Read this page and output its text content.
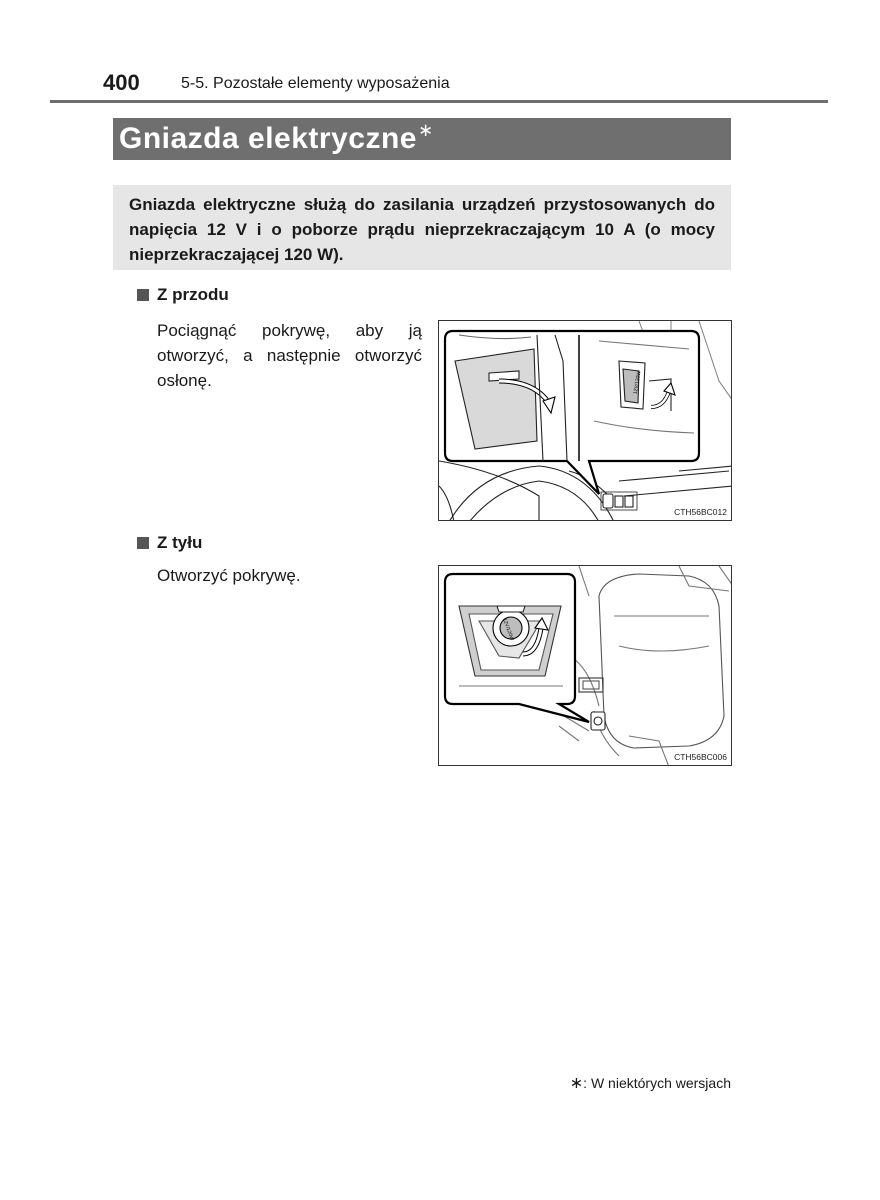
400	5-5. Pozostałe elementy wyposażenia
Gniazda elektryczne ∗
Gniazda elektryczne służą do zasilania urządzeń przystosowanych do napięcia 12 V i o poborze prądu nieprzekraczającym 10 A (o mocy nieprzekraczającej 120 W).
Z przodu
Pociągnąć pokrywę, aby ją otworzyć, a następnie otworzyć osłonę.	12V/120W
CTH56BC012
Z tyłu
Otworzyć pokrywę.
12V/120W
CTH56BC006
∗: W niektórych wersjach
